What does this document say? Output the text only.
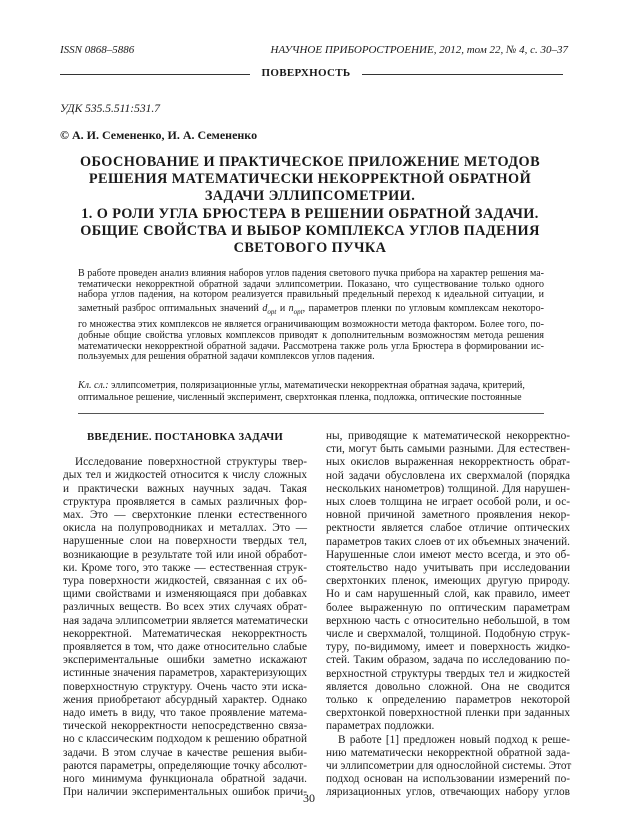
ISSN 0868–5886	НАУЧНОЕ ПРИБОРОСТРОЕНИЕ, 2012, том 22, № 4, с. 30–37
ПОВЕРХНОСТЬ
УДК 535.5.511:531.7
© А. И. Семененко, И. А. Семененко
ОБОСНОВАНИЕ И ПРАКТИЧЕСКОЕ ПРИЛОЖЕНИЕ МЕТОДОВ
РЕШЕНИЯ МАТЕМАТИЧЕСКИ НЕКОРРЕКТНОЙ ОБРАТНОЙ
ЗАДАЧИ ЭЛЛИПСОМЕТРИИ.
1. О РОЛИ УГЛА БРЮСТЕРА В РЕШЕНИИ ОБРАТНОЙ ЗАДАЧИ.
ОБЩИЕ СВОЙСТВА И ВЫБОР КОМПЛЕКСА УГЛОВ ПАДЕНИЯ
СВЕТОВОГО ПУЧКА
В работе проведен анализ влияния наборов углов падения светового пучка прибора на характер решения ма-
тематически некорректной обратной задачи эллипсометрии. Показано, что существование только одного
набора углов падения, на котором реализуется правильный предельный переход к идеальной ситуации, и
заметный разброс оптимальных значений $d_{opt}$ и $n_{opt}$, параметров пленки по угловым комплексам некоторо-
го множества этих комплексов не является ограничивающим возможности метода фактором. Более того, по-
добные общие свойства угловых комплексов приводят к дополнительным возможностям метода решения
математически некорректной обратной задачи. Рассмотрена также роль угла Брюстера в формировании ис-
пользуемых для решения обратной задачи комплексов углов падения.
Кл. сл.: эллипсометрия, поляризационные углы, математически некорректная обратная задача, критерий,
оптимальное решение, численный эксперимент, сверхтонкая пленка, подложка, оптические постоянные
ВВЕДЕНИЕ. ПОСТАНОВКА ЗАДАЧИ
Исследование поверхностной структуры твер-
дых тел и жидкостей относится к числу сложных
и практически важных научных задач. Такая
структура проявляется в самых различных фор-
мах. Это — сверхтонкие пленки естественного
окисла на полупроводниках и металлах. Это —
нарушенные слои на поверхности твердых тел,
возникающие в результате той или иной обработ-
ки. Кроме того, это также — естественная струк-
тура поверхности жидкостей, связанная с их об-
щими свойствами и изменяющаяся при добавках
различных веществ. Во всех этих случаях обрат-
ная задача эллипсометрии является математически
некорректной. Математическая некорректность
проявляется в том, что даже относительно слабые
экспериментальные ошибки заметно искажают
истинные значения параметров, характеризующих
поверхностную структуру. Очень часто эти иска-
жения приобретают абсурдный характер. Однако
надо иметь в виду, что такое проявление матема-
тической некорректности непосредственно связа-
но с классическим подходом к решению обратной
задачи. В этом случае в качестве решения выби-
раются параметры, определяющие точку абсолют-
ного минимума функционала обратной задачи.
При наличии экспериментальных ошибок причи-
ны, приводящие к математической некорректно-
сти, могут быть самыми разными. Для естествен-
ных окислов выраженная некорректность обрат-
ной задачи обусловлена их сверхмалой (порядка
нескольких нанометров) толщиной. Для нарушен-
ных слоев толщина не играет особой роли, и ос-
новной причиной заметного проявления некор-
ректности является слабое отличие оптических
параметров таких слоев от их объемных значений.
Нарушенные слои имеют место всегда, и это об-
стоятельство надо учитывать при исследовании
сверхтонких пленок, имеющих другую природу.
Но и сам нарушенный слой, как правило, имеет
более выраженную по оптическим параметрам
верхнюю часть с относительно небольшой, в том
числе и сверхмалой, толщиной. Подобную струк-
туру, по-видимому, имеет и поверхность жидко-
стей. Таким образом, задача по исследованию по-
верхностной структуры твердых тел и жидкостей
является довольно сложной. Она не сводится
только к определению параметров некоторой
сверхтонкой поверхностной пленки при заданных
параметрах подложки.
В работе [1] предложен новый подход к реше-
нию математически некорректной обратной зада-
чи эллипсометрии для однослойной системы. Этот
подход основан на использовании измерений по-
ляризационных углов, отвечающих набору углов
30
